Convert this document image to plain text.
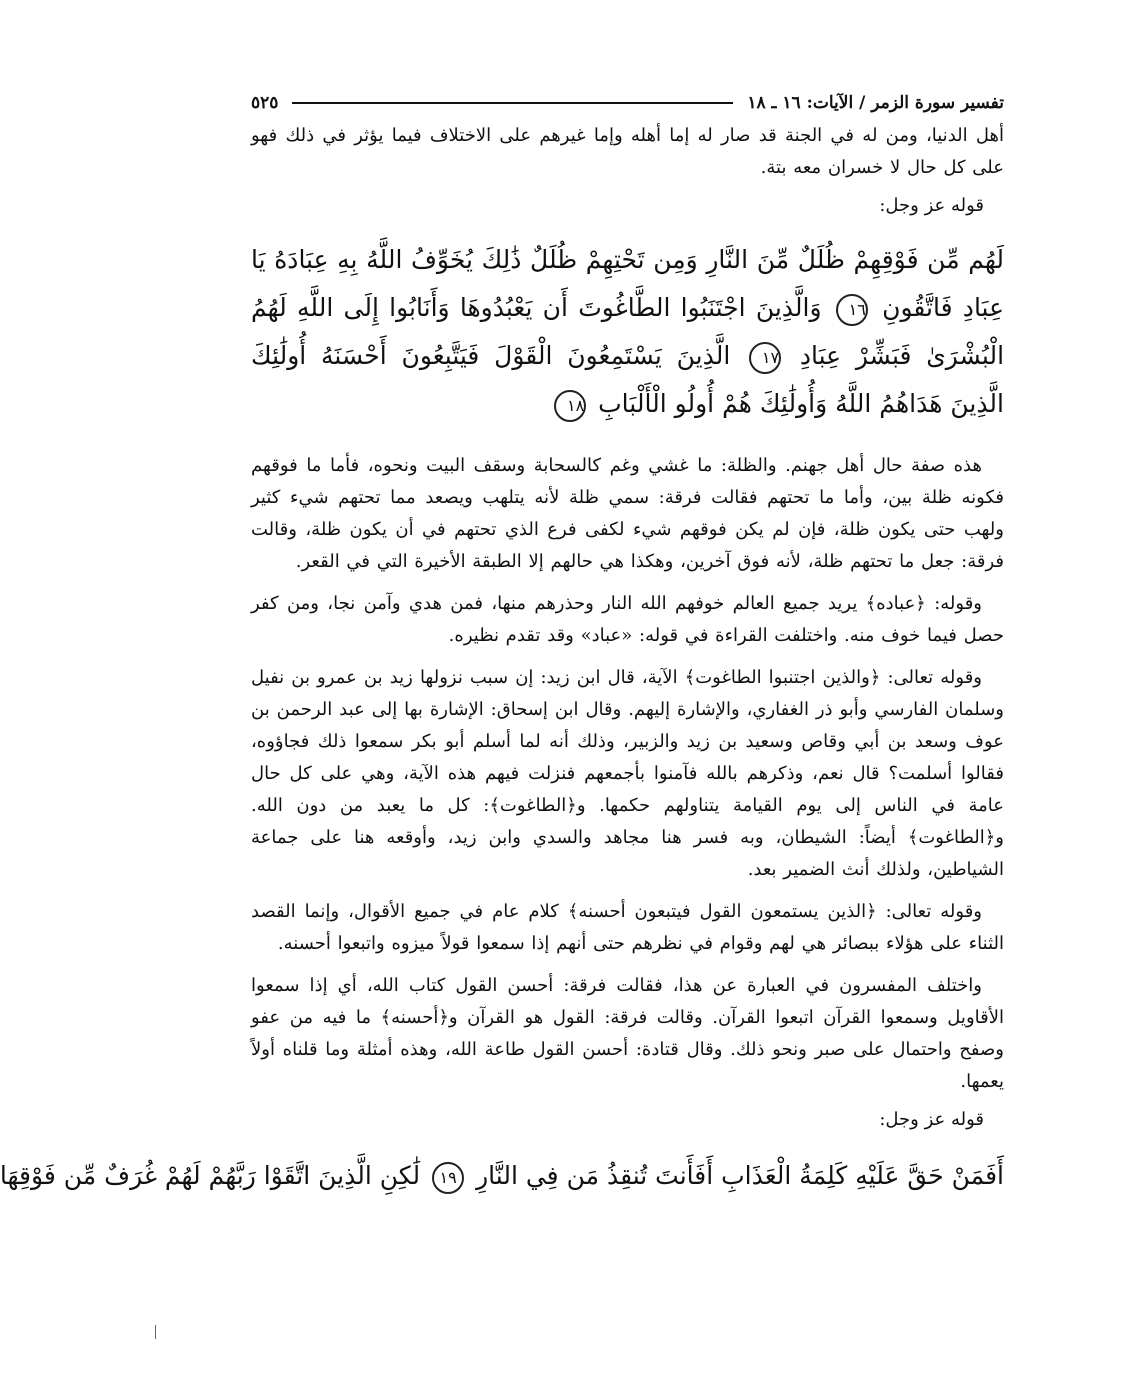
تفسير سورة الزمر / الآيات: ١٦ ـ ١٨
٥٢٥

أهل الدنيا، ومن له في الجنة قد صار له إما أهله وإما غيرهم على الاختلاف فيما يؤثر في ذلك فهو على كل حال لا خسران معه بتة.

قوله عز وجل:

لَهُم مِّن فَوْقِهِمْ ظُلَلٌ مِّنَ النَّارِ وَمِن تَحْتِهِمْ ظُلَلٌ ذَٰلِكَ يُخَوِّفُ اللَّهُ بِهِ عِبَادَهُ يَا عِبَادِ فَاتَّقُونِ ١٦ وَالَّذِينَ اجْتَنَبُوا الطَّاغُوتَ أَن يَعْبُدُوهَا وَأَنَابُوا إِلَى اللَّهِ لَهُمُ الْبُشْرَىٰ فَبَشِّرْ عِبَادِ ١٧ الَّذِينَ يَسْتَمِعُونَ الْقَوْلَ فَيَتَّبِعُونَ أَحْسَنَهُ أُولَٰئِكَ الَّذِينَ هَدَاهُمُ اللَّهُ وَأُولَٰئِكَ هُمْ أُولُو الْأَلْبَابِ ١٨

هذه صفة حال أهل جهنم. والظلة: ما غشي وغم كالسحابة وسقف البيت ونحوه، فأما ما فوقهم فكونه ظلة بين، وأما ما تحتهم فقالت فرقة: سمي ظلة لأنه يتلهب ويصعد مما تحتهم شيء كثير ولهب حتى يكون ظلة، فإن لم يكن فوقهم شيء لكفى فرع الذي تحتهم في أن يكون ظلة، وقالت فرقة: جعل ما تحتهم ظلة، لأنه فوق آخرين، وهكذا هي حالهم إلا الطبقة الأخيرة التي في القعر.

وقوله: ﴿عباده﴾ يريد جميع العالم خوفهم الله النار وحذرهم منها، فمن هدي وآمن نجا، ومن كفر حصل فيما خوف منه. واختلفت القراءة في قوله: «عباد» وقد تقدم نظيره.

وقوله تعالى: ﴿والذين اجتنبوا الطاغوت﴾ الآية، قال ابن زيد: إن سبب نزولها زيد بن عمرو بن نفيل وسلمان الفارسي وأبو ذر الغفاري، والإشارة إليهم. وقال ابن إسحاق: الإشارة بها إلى عبد الرحمن بن عوف وسعد بن أبي وقاص وسعيد بن زيد والزبير، وذلك أنه لما أسلم أبو بكر سمعوا ذلك فجاؤوه، فقالوا أسلمت؟ قال نعم، وذكرهم بالله فآمنوا بأجمعهم فنزلت فيهم هذه الآية، وهي على كل حال عامة في الناس إلى يوم القيامة يتناولهم حكمها. و﴿الطاغوت﴾: كل ما يعبد من دون الله. و﴿الطاغوت﴾ أيضاً: الشيطان، وبه فسر هنا مجاهد والسدي وابن زيد، وأوقعه هنا على جماعة الشياطين، ولذلك أنث الضمير بعد.

وقوله تعالى: ﴿الذين يستمعون القول فيتبعون أحسنه﴾ كلام عام في جميع الأقوال، وإنما القصد الثناء على هؤلاء ببصائر هي لهم وقوام في نظرهم حتى أنهم إذا سمعوا قولاً ميزوه واتبعوا أحسنه.

واختلف المفسرون في العبارة عن هذا، فقالت فرقة: أحسن القول كتاب الله، أي إذا سمعوا الأقاويل وسمعوا القرآن اتبعوا القرآن. وقالت فرقة: القول هو القرآن و﴿أحسنه﴾ ما فيه من عفو وصفح واحتمال على صبر ونحو ذلك. وقال قتادة: أحسن القول طاعة الله، وهذه أمثلة وما قلناه أولاً يعمها.

قوله عز وجل:

أَفَمَنْ حَقَّ عَلَيْهِ كَلِمَةُ الْعَذَابِ أَفَأَنتَ تُنقِذُ مَن فِي النَّارِ ١٩ لَٰكِنِ الَّذِينَ اتَّقَوْا رَبَّهُمْ لَهُمْ غُرَفٌ مِّن فَوْقِهَا
